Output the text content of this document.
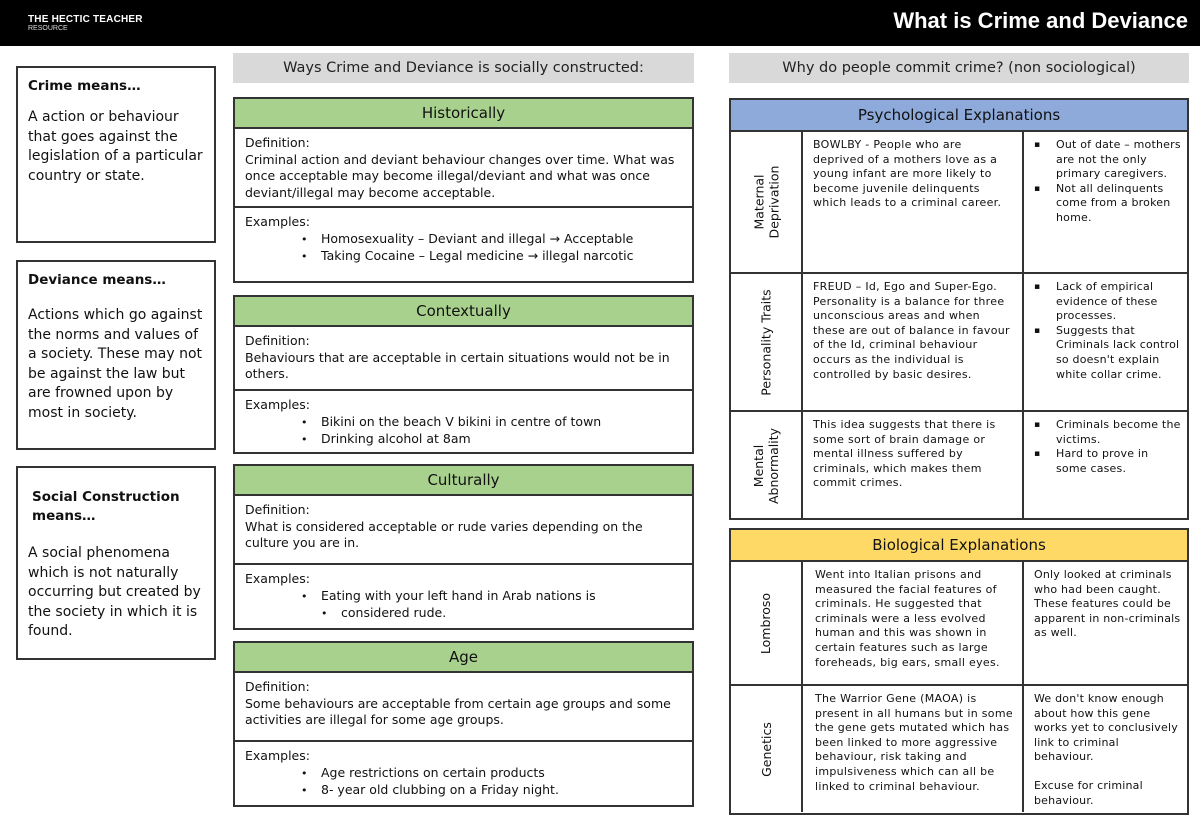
THE HECTIC TEACHER
RESOURCE	What is Crime and Deviance
Crime means…
A action or behaviour that goes against the legislation of a particular country or state.
Deviance means…
Actions which go against the norms and values of a society. These may not be against the law but are frowned upon by most in society.
Social Construction means…
A social phenomena which is not naturally occurring but created by the society in which it is found.
Ways Crime and Deviance is socially constructed:
Historically
Definition:
Criminal action and deviant behaviour changes over time. What was once acceptable may become illegal/deviant and what was once deviant/illegal may become acceptable.
Examples:
• Homosexuality – Deviant and illegal → Acceptable
• Taking Cocaine – Legal medicine → illegal narcotic
Contextually
Definition:
Behaviours that are acceptable in certain situations would not be in others.
Examples:
• Bikini on the beach V bikini in centre of town
• Drinking alcohol at 8am
Culturally
Definition:
What is considered acceptable or rude varies depending on the culture you are in.
Examples:
• Eating with your left hand in Arab nations is
• considered rude.
Age
Definition:
Some behaviours are acceptable from certain age groups and some activities are illegal for some age groups.
Examples:
• Age restrictions on certain products
• 8- year old clubbing on a Friday night.
Why do people commit crime? (non sociological)
Psychological Explanations
Maternal Deprivation
BOWLBY - People who are deprived of a mothers love as a young infant are more likely to become juvenile delinquents which leads to a criminal career.
▪ Out of date – mothers are not the only primary caregivers.
▪ Not all delinquents come from a broken home.
Personality Traits
FREUD – Id, Ego and Super-Ego. Personality is a balance for three unconscious areas and when these are out of balance in favour of the Id, criminal behaviour occurs as the individual is controlled by basic desires.
▪ Lack of empirical evidence of these processes.
▪ Suggests that Criminals lack control so doesn't explain white collar crime.
Mental Abnormality
This idea suggests that there is some sort of brain damage or mental illness suffered by criminals, which makes them commit crimes.
▪ Criminals become the victims.
▪ Hard to prove in some cases.
Biological Explanations
Lombroso
Went into Italian prisons and measured the facial features of criminals. He suggested that criminals were a less evolved human and this was shown in certain features such as large foreheads, big ears, small eyes.
Only looked at criminals who had been caught. These features could be apparent in non-criminals as well.
Genetics
The Warrior Gene (MAOA) is present in all humans but in some the gene gets mutated which has been linked to more aggressive behaviour, risk taking and impulsiveness which can all be linked to criminal behaviour.
We don't know enough about how this gene works yet to conclusively link to criminal behaviour.
Excuse for criminal behaviour.
